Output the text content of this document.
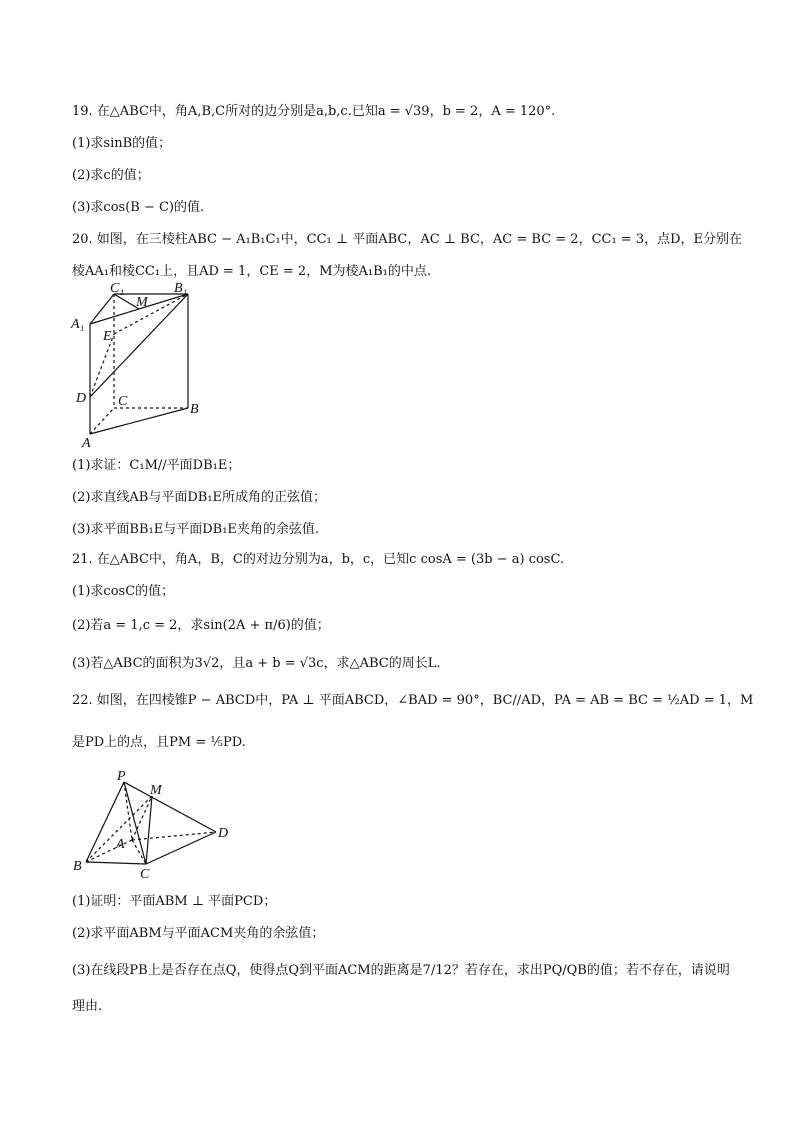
19. 在△ABC中，角A,B,C所对的边分别是a,b,c.已知a = √39，b = 2，A = 120°.
(1)求sinB的值；
(2)求c的值；
(3)求cos(B − C)的值.
20. 如图，在三棱柱ABC − A₁B₁C₁中，CC₁ ⊥ 平面ABC，AC ⊥ BC，AC = BC = 2，CC₁ = 3，点D，E分别在
棱AA₁和棱CC₁上，且AD = 1，CE = 2，M为棱A₁B₁的中点.
C₁
M
B₁
A₁
E
D C
B
A
(1)求证：C₁M//平面DB₁E；
(2)求直线AB与平面DB₁E所成角的正弦值；
(3)求平面BB₁E与平面DB₁E夹角的余弦值.
21. 在△ABC中，角A，B，C的对边分别为a，b，c，已知c cosA = (3b − a) cosC.
(1)求cosC的值；
(2)若a = 1,c = 2，求sin(2A + π/6)的值；
(3)若△ABC的面积为3√2，且a + b = √3c，求△ABC的周长L.
22. 如图，在四棱锥P − ABCD中，PA ⊥ 平面ABCD，∠BAD = 90°，BC//AD，PA = AB = BC = ½AD = 1，M
是PD上的点，且PM = ⅕PD.
P
M
A
D
B
C
(1)证明：平面ABM ⊥ 平面PCD；
(2)求平面ABM与平面ACM夹角的余弦值；
(3)在线段PB上是否存在点Q，使得点Q到平面ACM的距离是7/12？若存在，求出PQ/QB的值；若不存在，请说明
理由.
